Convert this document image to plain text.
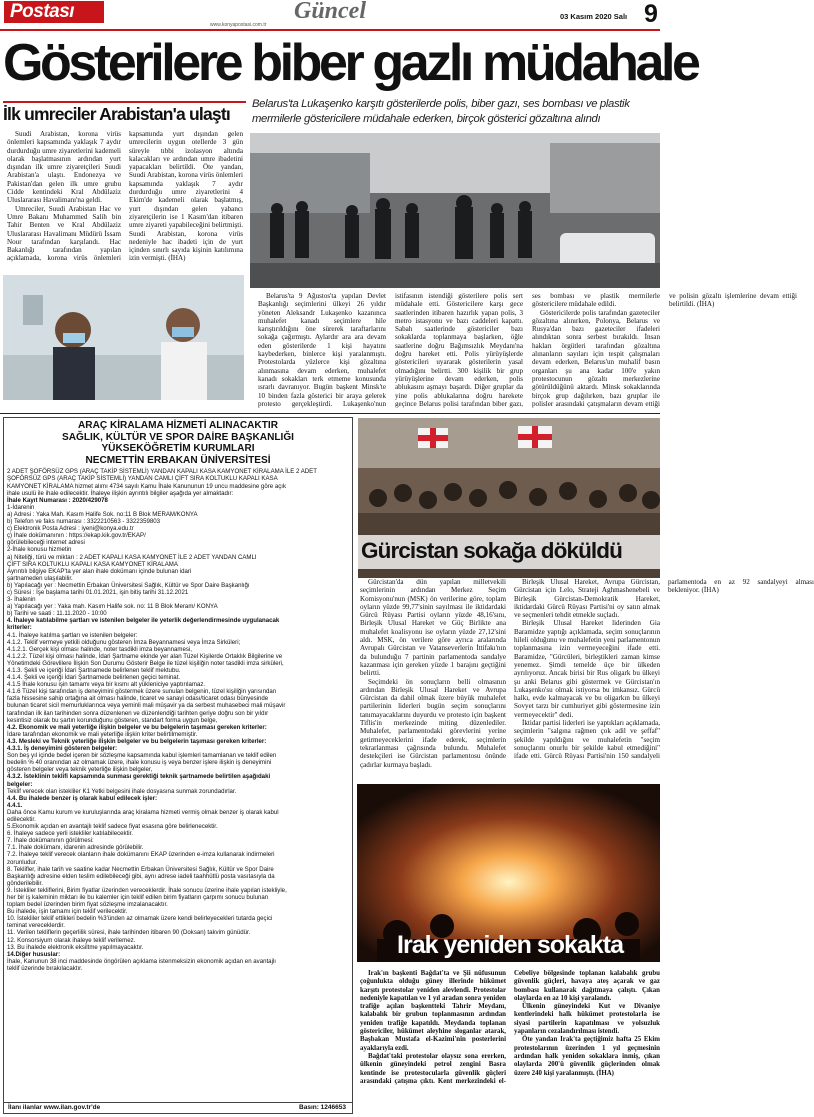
Postası
www.konyapostasi.com.tr
Güncel	03 Kasım 2020 Salı 9
Gösterilere biber gazlı müdahale
İlk umreciler Arabistan'a ulaştı

Suudi Arabistan, korona virüs önlemleri kapsamında yaklaşık 7 aydır durdurduğu umre ziyaretlerini kademeli olarak başlatmasının ardından yurt dışından ilk umre ziyaretçileri Suudi Arabistan'a ulaştı. Endonezya ve Pakistan'dan gelen ilk umre grubu Cidde kentindeki Kral Abdülaziz Uluslararası Havalimanı'na geldi.

Umreciler, Suudi Arabistan Hac ve Umre Bakanı Muhammed Salih bin Tahir Benten ve Kral Abdülaziz Uluslararası Havalimanı Müdürü İssam Nour tarafından karşılandı. Hac Bakanlığı tarafından yapılan açıklamada, korona virüs önlemleri kapsamında yurt dışından gelen umrecilerin uygun otellerde 3 gün süreyle tıbbi izolasyon altında kalacakları ve ardından umre ibadetini yapacakları belirtildi. Öte yandan, Suudi Arabistan, korona virüs önlemleri kapsamında yaklaşık 7 aydır durdurduğu umre ziyaretlerini 4 Ekim'de kademeli olarak başlatmış, yurt dışından gelen yabancı ziyaretçilerin ise 1 Kasım'dan itibaren umre ziyareti yapabileceğini belirtmişti. Suudi Arabistan, korona virüs nedeniyle hac ibadeti için de yurt içinden sınırlı sayıda kişinin katılımına izin vermişti. (İHA)

Belarus'ta Lukaşenko karşıtı gösterilerde polis, biber gazı, ses bombası ve plastik mermilerle göstericilere müdahale ederken, birçok gösterici gözaltına alındı

Belarus'ta 9 Ağustos'ta yapılan Devlet Başkanlığı seçimlerini ülkeyi 26 yıldır yöneten Aleksandr Lukaşenko kazanınca muhalefet kanadı seçimlere hile karıştırıldığını öne sürerek taraftarlarını sokağa çağırmıştı. Aylardır ara ara devam eden gösterilerde 1 kişi hayatını kaybederken, binlerce kişi yaralanmıştı. Protestolarda yüzlerce kişi gözaltına alınmasına devam ederken, muhalefet kanadı sokakları terk etmeme konusunda ısrarlı davranıyor. Bugün başkent Minsk'te 10 binden fazla gösterici bir araya gelerek protesto gerçekleştirdi. Lukaşenko'nun istifasının istendiği gösterilere polis sert müdahale etti. Göstericilere karşı gece saatlerinden itibaren hazırlık yapan polis, 3 metro istasyonu ve bazı caddeleri kapattı. Sabah saatlerinde göstericiler bazı sokaklarda toplanmaya başlarken, öğle saatlerine doğru Bağımsızlık Meydanı'na doğru hareket etti. Polis yürüyüşlerde göstericileri uyararak gösterilerin yasal olmadığını belirtti. 300 kişilik bir grup yürüyüşlerine devam ederken, polis ablukasını aşmayı başardı. Diğer gruplar da yine polis ablukalarına doğru harekete geçince Belarus polisi tarafından biber gazı, ses bombası ve plastik mermilerle göstericilere müdahale edildi.

Göstericilerde polis tarafından gazeteciler gözaltına alınırken, Polonya, Belarus ve Rusya'dan bazı gazeteciler ifadeleri alındıktan sonra serbest bırakıldı. İnsan hakları örgütleri tarafından gözaltına alınanların sayıları için tespit çalışmaları devam ederken, Belarus'un muhalif basın organları şu ana kadar 100'e yakın protestocunun gözaltı merkezlerine götürüldüğünü aktardı. Minsk sokaklarında birçok grup dağılırken, bazı gruplar ile polisler arasındaki çatışmaların devam ettiği ve polisin gözaltı işlemlerine devam ettiği belirtildi. (İHA)

ARAÇ KİRALAMA HİZMETİ ALINACAKTIR
SAĞLIK, KÜLTÜR VE SPOR DAİRE BAŞKANLIĞI
YÜKSEKÖĞRETİM KURUMLARI
NECMETTİN ERBAKAN ÜNİVERSİTESİ
2 ADET ŞOFÖRSÜZ GPS (ARAÇ TAKİP SİSTEMLİ) YANDAN KAPALI KASA KAMYONET KİRALAMA İLE 2 ADET
ŞOFÖRSÜZ GPS (ARAÇ TAKİP SİSTEMLİ) YANDAN CAMLI ÇİFT SIRA KOLTUKLU KAPALI KASA
KAMYONET KİRALAMA hizmet alımı 4734 sayılı Kamu İhale Kanununun 19 uncu maddesine göre açık
ihale usulü ile ihale edilecektir. İhaleye ilişkin ayrıntılı bilgiler aşağıda yer almaktadır:
İhale Kayıt Numarası : 2020/429078
1-İdarenin
a) Adresi : Yaka Mah. Kasım Halife Sok. no:11 B Blok MERAM/KONYA
b) Telefon ve faks numarası : 3322210563 - 3322359803
c) Elektronik Posta Adresi : iyeni@konya.edu.tr
ç) İhale dokümanının : https://ekap.kik.gov.tr/EKAP/
görülebileceği internet adresi
2-İhale konusu hizmetin
a) Niteliği, türü ve miktarı : 2 ADET KAPALI KASA KAMYONET İLE 2 ADET YANDAN CAMLI
ÇİFT SIRA KOLTUKLU KAPALI KASA KAMYONET KİRALAMA
Ayrıntılı bilgiye EKAP'ta yer alan ihale dokümanı içinde bulunan idari
şartnameden ulaşılabilir.
b) Yapılacağı yer : Necmettin Erbakan Üniversitesi Sağlık, Kültür ve Spor Daire Başkanlığı
c) Süresi : İşe başlama tarihi 01.01.2021, işin bitiş tarihi 31.12.2021
3- İhalenin
a) Yapılacağı yer : Yaka mah. Kasım Halife sok. no: 11 B Blok Meram/ KONYA
b) Tarihi ve saati : 11.11.2020 - 10:00
4. İhaleye katılabilme şartları ve istenilen belgeler ile yeterlik değerlendirmesinde uygulanacak
kriterler:
4.1. İhaleye katılma şartları ve istenilen belgeler:
4.1.2. Teklif vermeye yetkili olduğunu gösteren İmza Beyannamesi veya İmza Sirküleri;
4.1.2.1. Gerçek kişi olması halinde, noter tasdikli imza beyannamesi,
4.1.2.2. Tüzel kişi olması halinde, İdari Şartname ekinde yer alan Tüzel Kişilerde Ortaklık Bilgilerine ve
Yönetimdeki Görevlilere İlişkin Son Durumu Gösterir Belge ile tüzel kişiliğin noter tasdikli imza sirküleri,
4.1.3. Şekli ve içeriği İdari Şartnamede belirlenen teklif mektubu.
4.1.4. Şekli ve içeriği İdari Şartnamede belirlenen geçici teminat.
4.1.5 İhale konusu işin tamamı veya bir kısmı alt yükleniciye yaptırılamaz.
4.1.6 Tüzel kişi tarafından iş deneyimini göstermek üzere sunulan belgenin, tüzel kişiliğin yarısından
fazla hissesine sahip ortağına ait olması halinde, ticaret ve sanayi odası/ticaret odası bünyesinde
bulunan ticaret sicil memurluklarınca veya yeminli mali müşavir ya da serbest muhasebeci mali müşavir
tarafından ilk ilan tarihinden sonra düzenlenen ve düzenlendiği tarihten geriye doğru son bir yıldır
kesintisiz olarak bu şartın korunduğunu gösteren, standart forma uygun belge,
4.2. Ekonomik ve mali yeterliğe ilişkin belgeler ve bu belgelerin taşıması gereken kriterler:
İdare tarafından ekonomik ve mali yeterliğe ilişkin kriter belirtilmemiştir.
4.3. Mesleki ve Teknik yeterliğe ilişkin belgeler ve bu belgelerin taşıması gereken kriterler:
4.3.1. İş deneyimini gösteren belgeler:
Son beş yıl içinde bedel içeren bir sözleşme kapsamında kabul işlemleri tamamlanan ve teklif edilen
bedelin % 40 oranından az olmamak üzere, ihale konusu iş veya benzer işlere ilişkin iş deneyimini
gösteren belgeler veya teknik yeterliğe ilişkin belgeler,
4.3.2. İsteklinin teklifi kapsamında sunması gerektiği teknik şartnamede belirtilen aşağıdaki
belgeler:
Teklif verecek olan istekliler K1 Yetki belgesini ihale dosyasına sunmak zorundadırlar.
4.4. Bu ihalede benzer iş olarak kabul edilecek işler:
4.4.1.
Daha önce Kamu kurum ve kuruluşlarında araç kiralama hizmeti vermiş olmak benzer iş olarak kabul
edilecektir.
5.Ekonomik açıdan en avantajlı teklif sadece fiyat esasına göre belirlenecektir.
6. İhaleye sadece yerli istekliler katılabilecektir.
7. İhale dokümanının görülmesi:
7.1. İhale dokümanı, idarenin adresinde görülebilir.
7.2. İhaleye teklif verecek olanların ihale dokümanını EKAP üzerinden e-imza kullanarak indirmeleri
zorunludur.
8. Teklifler, ihale tarih ve saatine kadar Necmettin Erbakan Üniversitesi Sağlık, Kültür ve Spor Daire
Başkanlığı adresine elden teslim edilebileceği gibi, aynı adrese iadeli taahhütlü posta vasıtasıyla da
gönderilebilir.
9. İstekliler tekliflerini, Birim fiyatlar üzerinden vereceklerdir. İhale sonucu üzerine ihale yapılan istekliyle,
her bir iş kaleminin miktarı ile bu kalemler için teklif edilen birim fiyatların çarpımı sonucu bulunan
toplam bedel üzerinden birim fiyat sözleşme imzalanacaktır.
Bu ihalede, işin tamamı için teklif verilecektir.
10. İstekliler teklif ettikleri bedelin %3'ünden az olmamak üzere kendi belirleyecekleri tutarda geçici
teminat vereceklerdir.
11. Verilen tekliflerin geçerlilik süresi, ihale tarihinden itibaren 90 (Doksan) takvim günüdür.
12. Konsorsiyum olarak ihaleye teklif verilemez.
13. Bu ihalede elektronik eksiltme yapılmayacaktır.
14.Diğer hususlar:
İhale, Kanunun 38 inci maddesinde öngörülen açıklama istenmeksizin ekonomik açıdan en avantajlı
teklif üzerinde bırakılacaktır.
İlanı ilanlar www.ilan.gov.tr'de	Basın: 1246653
Gürcistan sokağa döküldü

Gürcistan'da dün yapılan milletvekili seçimlerinin ardından Merkez Seçim Komisyonu'nun (MSK) ön verilerine göre, toplam oyların yüzde 99,77'sinin sayılması ile iktidardaki Gürcü Rüyası Partisi oyların yüzde 48,16'sını, Birleşik Ulusal Hareket ve Güç Birlikte ana muhalefet koalisyonu ise oyların yüzde 27,12'sini aldı. MSK, ön verilere göre ayrıca aralarında Avrupalı Gürcistan ve Vatanseverlerin İttifakı'nın da bulunduğu 7 partinin parlamentoda sandalye kazanması için gereken yüzde 1 barajını geçtiğini belirtti.

Seçimdeki ön sonuçların belli olmasının ardından Birleşik Ulusal Hareket ve Avrupa Gürcistan da dahil olmak üzere büyük muhalefet partilerinin liderleri bugün seçim sonuçlarını tanımayacaklarını duyurdu ve protesto için başkent Tiflis'in merkezinde miting düzenlediler. Muhalefet, parlamentodaki görevlerini yerine getirmeyeceklerini ifade ederek, seçimlerin tekrarlanması çağrısında bulundu. Muhalefet destekçileri ise Gürcistan parlamentosu önünde çadırlar kurmaya başladı.

Birleşik Ulusal Hareket, Avrupa Gürcistan, Gürcistan için Lelo, Strateji Aghmashenebeli ve Birleşik Gürcistan-Demokratik Hareket, iktidardaki Gürcü Rüyası Partisi'ni oy satın almak ve seçmenleri tehdit etmekle suçladı.

Birleşik Ulusal Hareket liderinden Gia Baramidze yaptığı açıklamada, seçim sonuçlarının hileli olduğunu ve muhalefetin yeni parlamentonun toplanmasına izin vermeyeceğini ifade etti. Baramidze, "Gürcüleri, birleştikleri zaman kimse yenemez. Şimdi temelde üçe bir ülkeden ayrılıyoruz. Ancak birisi bir Rus oligark bu ülkeyi şu anki Belarus gibi göstermek ve Gürcistan'ın Lukaşenko'su olmak istiyorsa bu imkansız. Gürcü halkı, evde kalmayacak ve bu oligarkın bu ülkeyi Sovyet tarzı bir cumhuriyet gibi göstermesine izin vermeyecektir" dedi.

İktidar partisi liderleri ise yaptıkları açıklamada, seçimlerin "salgına rağmen çok adil ve şeffaf" şekilde yapıldığını ve muhalefetin "seçim sonuçlarını onurlu bir şekilde kabul etmediğini" ifade etti. Gürcü Rüyası Partisi'nin 150 sandalyeli parlamentoda en az 92 sandalyeyi alması bekleniyor. (İHA)

Irak yeniden sokakta

Irak'ın başkenti Bağdat'ta ve Şii nüfusunun çoğunlukta olduğu güney illerinde hükümet karşıtı protestolar yeniden alevlendi. Protestolar nedeniyle kapatılan ve 1 yıl aradan sonra yeniden trafiğe açılan başkentteki Tahrir Meydanı, kalabalık bir grubun toplanmasının ardından yeniden trafiğe kapatıldı. Meydanda toplanan göstericiler, hükümet aleyhine sloganlar atarak, Başbakan Mustafa el-Kazimi'nin posterlerini ayaklarıyla ezdi.

Bağdat'taki protestolar olaysız sona ererken, ülkenin güneyindeki petrol zengini Basra kentinde ise protestocularla güvenlik güçleri arasındaki çatışma çıktı. Kent merkezindeki el-Cebeliye bölgesinde toplanan kalabalık grubu güvenlik güçleri, havaya ateş açarak ve gaz bombası kullanarak dağıtmaya çalıştı. Çıkan olaylarda en az 10 kişi yaralandı.

Ülkenin güneyindeki Kut ve Divaniye kentlerindeki halk hükümet protestolarla ise siyasi partilerin kapatılması ve yolsuzluk yapanların cezalandırılması istendi.

Öte yandan Irak'ta geçtiğimiz hafta 25 Ekim protestolarının üzerinden 1 yıl geçmesinin ardından halk yeniden sokaklara inmiş, çıkan olaylarda 200'ü güvenlik güçlerinden olmak üzere 240 kişi yaralanmıştı. (İHA)
